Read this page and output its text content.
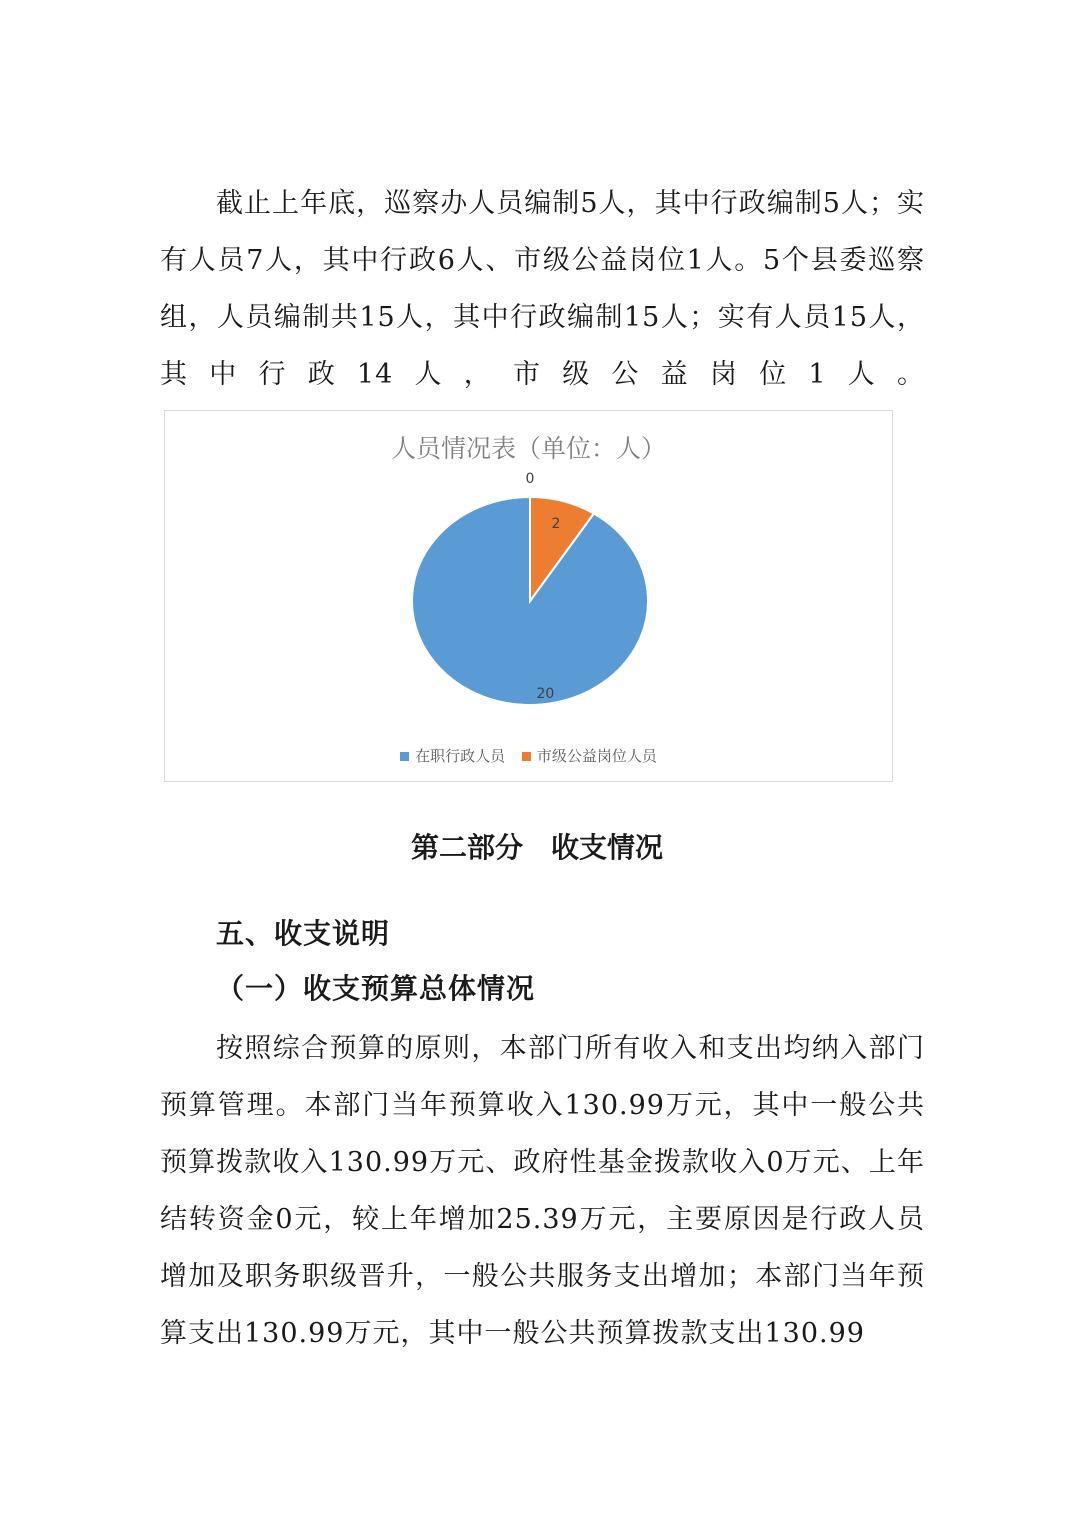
截止上年底，巡察办人员编制5人，其中行政编制5人；实有人员7人，其中行政6人、市级公益岗位1人。5个县委巡察组，人员编制共15人，其中行政编制15人；实有人员15人，其中行政14人，市级公益岗位1人。

人员情况表（单位：人）
20
2
0
在职行政人员 市级公益岗位人员
第二部分　收支情况
五、收支说明
（一）收支预算总体情况

按照综合预算的原则，本部门所有收入和支出均纳入部门预算管理。本部门当年预算收入130.99万元，其中一般公共预算拨款收入130.99万元、政府性基金拨款收入0万元、上年结转资金0元，较上年增加25.39万元，主要原因是行政人员增加及职务职级晋升，一般公共服务支出增加；本部门当年预算支出130.99万元，其中一般公共预算拨款支出130.99
